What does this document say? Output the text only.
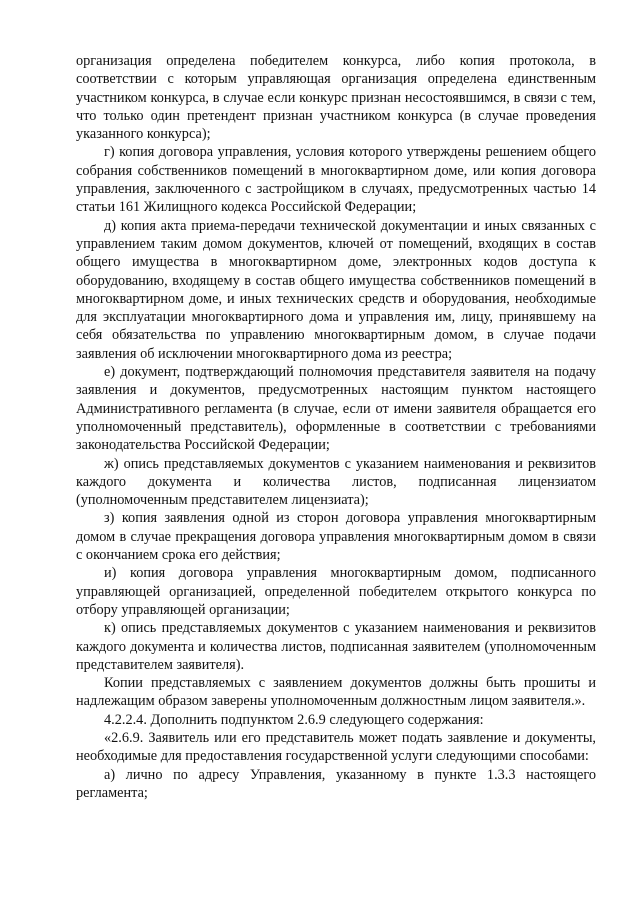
организация определена победителем конкурса, либо копия протокола, в соответствии с которым управляющая организация определена единственным участником конкурса, в случае если конкурс признан несостоявшимся, в связи с тем, что только один претендент признан участником конкурса (в случае проведения указанного конкурса);

г) копия договора управления, условия которого утверждены решением общего собрания собственников помещений в многоквартирном доме, или копия договора управления, заключенного с застройщиком в случаях, предусмотренных частью 14 статьи 161 Жилищного кодекса Российской Федерации;

д) копия акта приема-передачи технической документации и иных связанных с управлением таким домом документов, ключей от помещений, входящих в состав общего имущества в многоквартирном доме, электронных кодов доступа к оборудованию, входящему в состав общего имущества собственников помещений в многоквартирном доме, и иных технических средств и оборудования, необходимые для эксплуатации многоквартирного дома и управления им, лицу, принявшему на себя обязательства по управлению многоквартирным домом, в случае подачи заявления об исключении многоквартирного дома из реестра;

е) документ, подтверждающий полномочия представителя заявителя на подачу заявления и документов, предусмотренных настоящим пунктом настоящего Административного регламента (в случае, если от имени заявителя обращается его уполномоченный представитель), оформленные в соответствии с требованиями законодательства Российской Федерации;

ж) опись представляемых документов с указанием наименования и реквизитов каждого документа и количества листов, подписанная лицензиатом (уполномоченным представителем лицензиата);

з) копия заявления одной из сторон договора управления многоквартирным домом в случае прекращения договора управления многоквартирным домом в связи с окончанием срока его действия;

и) копия договора управления многоквартирным домом, подписанного управляющей организацией, определенной победителем открытого конкурса по отбору управляющей организации;

к) опись представляемых документов с указанием наименования и реквизитов каждого документа и количества листов, подписанная заявителем (уполномоченным представителем заявителя).

Копии представляемых с заявлением документов должны быть прошиты и надлежащим образом заверены уполномоченным должностным лицом заявителя.».

4.2.2.4. Дополнить подпунктом 2.6.9 следующего содержания:

«2.6.9. Заявитель или его представитель может подать заявление и документы, необходимые для предоставления государственной услуги следующими способами:

а) лично по адресу Управления, указанному в пункте 1.3.3 настоящего регламента;
